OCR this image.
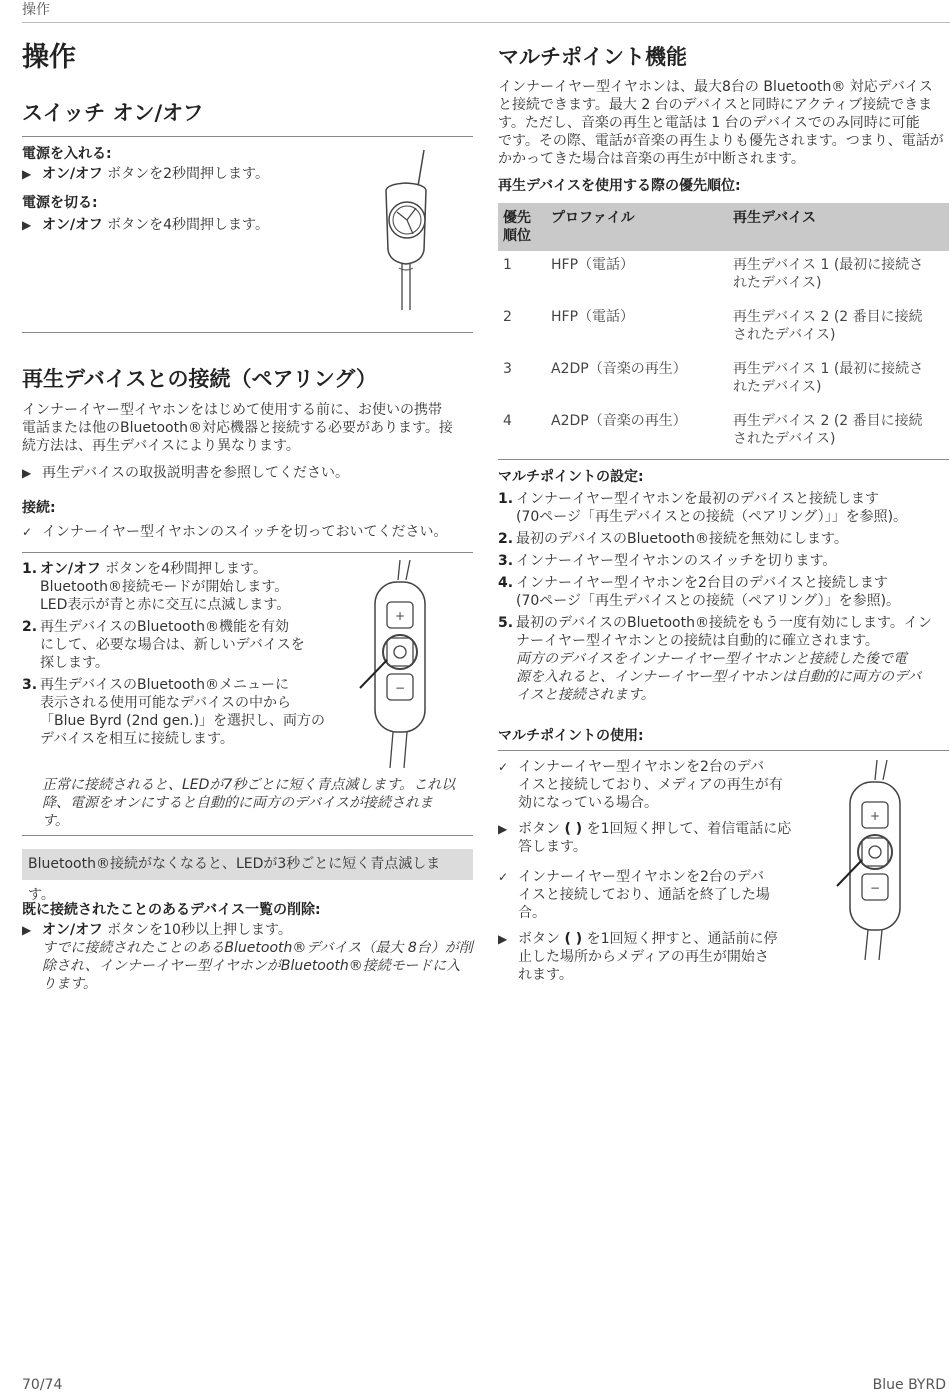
操作
操作
スイッチ オン/オフ
電源を入れる:
▶ オン/オフ ボタンを2秒間押します。
電源を切る:
▶ オン/オフ ボタンを4秒間押します。
再生デバイスとの接続（ペアリング）
インナーイヤー型イヤホンをはじめて使用する前に、お使いの携帯
電話または他のBluetooth®対応機器と接続する必要があります。接
続方法は、再生デバイスにより異なります。
▶ 再生デバイスの取扱説明書を参照してください。
接続:
✓ インナーイヤー型イヤホンのスイッチを切っておいてください。
1. オン/オフ ボタンを4秒間押します。
Bluetooth®接続モードが開始します。
LED表示が青と赤に交互に点滅します。
2. 再生デバイスのBluetooth®機能を有効
にして、必要な場合は、新しいデバイスを
探します。
3. 再生デバイスのBluetooth®メニューに
表示される使用可能なデバイスの中から
「Blue Byrd (2nd gen.)」を選択し、両方の
デバイスを相互に接続します。
+
−
正常に接続されると、LEDが7秒ごとに短く青点滅します。これ以
降、電源をオンにすると自動的に両方のデバイスが接続されま
す。
Bluetooth®接続がなくなると、LEDが3秒ごとに短く青点滅します。
既に接続されたことのあるデバイス一覧の削除:
▶ オン/オフ ボタンを10秒以上押します。
すでに接続されたことのあるBluetooth®デバイス（最大 8台）が削
除され、インナーイヤー型イヤホンがBluetooth®接続モードに入
ります。
マルチポイント機能
インナーイヤー型イヤホンは、最大8台の Bluetooth® 対応デバイス
と接続できます。最大 2 台のデバイスと同時にアクティブ接続できま
す。ただし、音楽の再生と電話は 1 台のデバイスでのみ同時に可能
です。その際、電話が音楽の再生よりも優先されます。つまり、電話が
かかってきた場合は音楽の再生が中断されます。
再生デバイスを使用する際の優先順位:
優先
順位	プロファイル	再生デバイス
1	HFP（電話）	再生デバイス 1 (最初に接続さ
れたデバイス)

2	HFP（電話）	再生デバイス 2 (2 番目に接続
されたデバイス)

3	A2DP（音楽の再生）	再生デバイス 1 (最初に接続さ
れたデバイス)

4	A2DP（音楽の再生）	再生デバイス 2 (2 番目に接続
されたデバイス)
マルチポイントの設定:
1. インナーイヤー型イヤホンを最初のデバイスと接続します
(70ページ「再生デバイスとの接続（ペアリング）」」を参照)。
2. 最初のデバイスのBluetooth®接続を無効にします。
3. インナーイヤー型イヤホンのスイッチを切ります。
4. インナーイヤー型イヤホンを2台目のデバイスと接続します
(70ページ「再生デバイスとの接続（ペアリング）」を参照)。
5. 最初のデバイスのBluetooth®接続をもう一度有効にします。イン
ナーイヤー型イヤホンとの接続は自動的に確立されます。
両方のデバイスをインナーイヤー型イヤホンと接続した後で電
源を入れると、インナーイヤー型イヤホンは自動的に両方のデバ
イスと接続されます。
マルチポイントの使用:
✓ インナーイヤー型イヤホンを2台のデバ
イスと接続しており、メディアの再生が有
効になっている場合。
▶ ボタン ( ) を1回短く押して、着信電話に応
答します。
✓ インナーイヤー型イヤホンを2台のデバ
イスと接続しており、通話を終了した場
合。
▶ ボタン ( ) を1回短く押すと、通話前に停
止した場所からメディアの再生が開始さ
れます。
+
−
70/74	Blue BYRD
